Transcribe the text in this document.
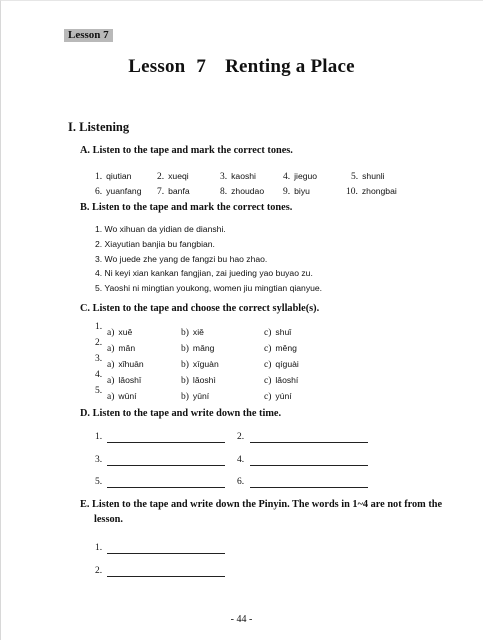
Lesson 7
Lesson 7 Renting a Place
I. Listening
A. Listen to the tape and mark the correct tones.
1. qiutian	2. xueqi	3. kaoshi	4. jieguo	5. shunli
6. yuanfang 7. banfa	8. zhoudao 9. biyu	10. zhongbai
B. Listen to the tape and mark the correct tones.
1. Wo xihuan da yidian de dianshi.
2. Xiayutian banjia bu fangbian.
3. Wo juede zhe yang de fangzi bu hao zhao.
4. Ni keyi xian kankan fangjian, zai jueding yao buyao zu.
5. Yaoshi ni mingtian youkong, women jiu mingtian qianyue.
C. Listen to the tape and choose the correct syllable(s).
1.
a) xuě	b) xiě	c) shuǐ
2.
a) mǎn	b) mǎng	c) měng
3.
a) xǐhuān	b) xīguàn	c) qíguài
4.
a) lǎoshī	b) lǎoshì	c) lǎoshí
5.
a) wūní	b) yūní	c) yúní
D. Listen to the tape and write down the time.
1.	2.
3.	4.
5.	6.
E. Listen to the tape and write down the Pinyin. The words in 1~4 are not from the
lesson.
1.
2.
- 44 -
